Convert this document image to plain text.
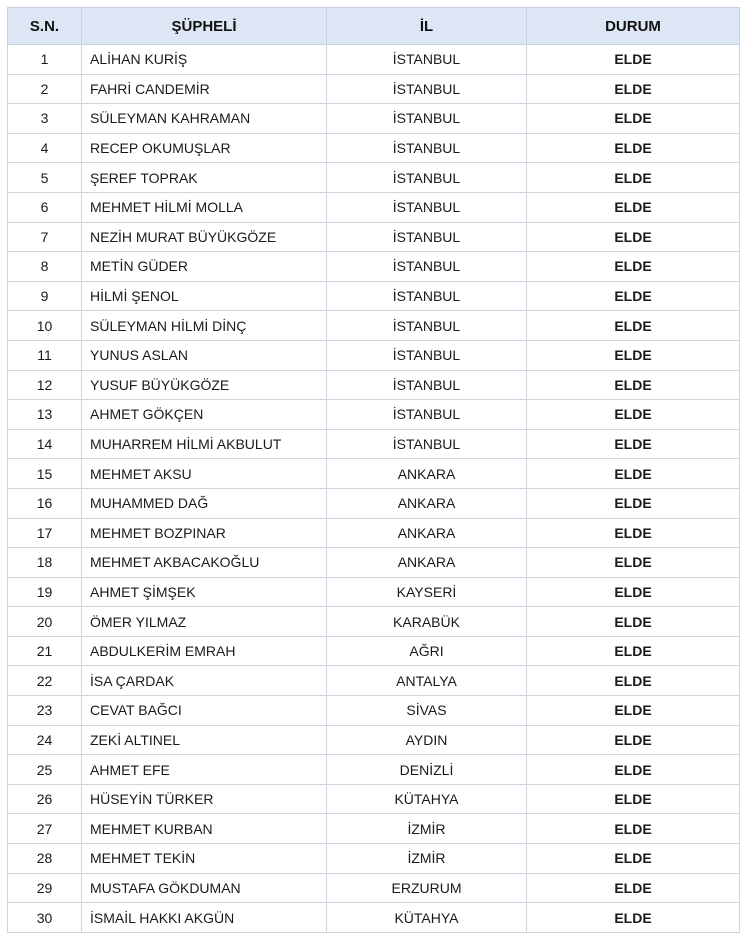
S.N.	ŞÜPHELİ	İL	DURUM
1	ALİHAN KURİŞ	İSTANBUL	ELDE
2	FAHRİ CANDEMİR	İSTANBUL	ELDE
3	SÜLEYMAN KAHRAMAN	İSTANBUL	ELDE
4	RECEP OKUMUŞLAR	İSTANBUL	ELDE
5	ŞEREF TOPRAK	İSTANBUL	ELDE
6	MEHMET HİLMİ MOLLA	İSTANBUL	ELDE
7	NEZİH MURAT BÜYÜKGÖZE	İSTANBUL	ELDE
8	METİN GÜDER	İSTANBUL	ELDE
9	HİLMİ ŞENOL	İSTANBUL	ELDE
10	SÜLEYMAN HİLMİ DİNÇ	İSTANBUL	ELDE
11	YUNUS ASLAN	İSTANBUL	ELDE
12	YUSUF BÜYÜKGÖZE	İSTANBUL	ELDE
13	AHMET GÖKÇEN	İSTANBUL	ELDE
14	MUHARREM HİLMİ AKBULUT	İSTANBUL	ELDE
15	MEHMET AKSU	ANKARA	ELDE
16	MUHAMMED DAĞ	ANKARA	ELDE
17	MEHMET BOZPINAR	ANKARA	ELDE
18	MEHMET AKBACAKOĞLU	ANKARA	ELDE
19	AHMET ŞİMŞEK	KAYSERİ	ELDE
20	ÖMER YILMAZ	KARABÜK	ELDE
21	ABDULKERİM EMRAH	AĞRI	ELDE
22	İSA ÇARDAK	ANTALYA	ELDE
23	CEVAT BAĞCI	SİVAS	ELDE
24	ZEKİ ALTINEL	AYDIN	ELDE
25	AHMET EFE	DENİZLİ	ELDE
26	HÜSEYİN TÜRKER	KÜTAHYA	ELDE
27	MEHMET KURBAN	İZMİR	ELDE
28	MEHMET TEKİN	İZMİR	ELDE
29	MUSTAFA GÖKDUMAN	ERZURUM	ELDE
30	İSMAİL HAKKI AKGÜN	KÜTAHYA	ELDE
